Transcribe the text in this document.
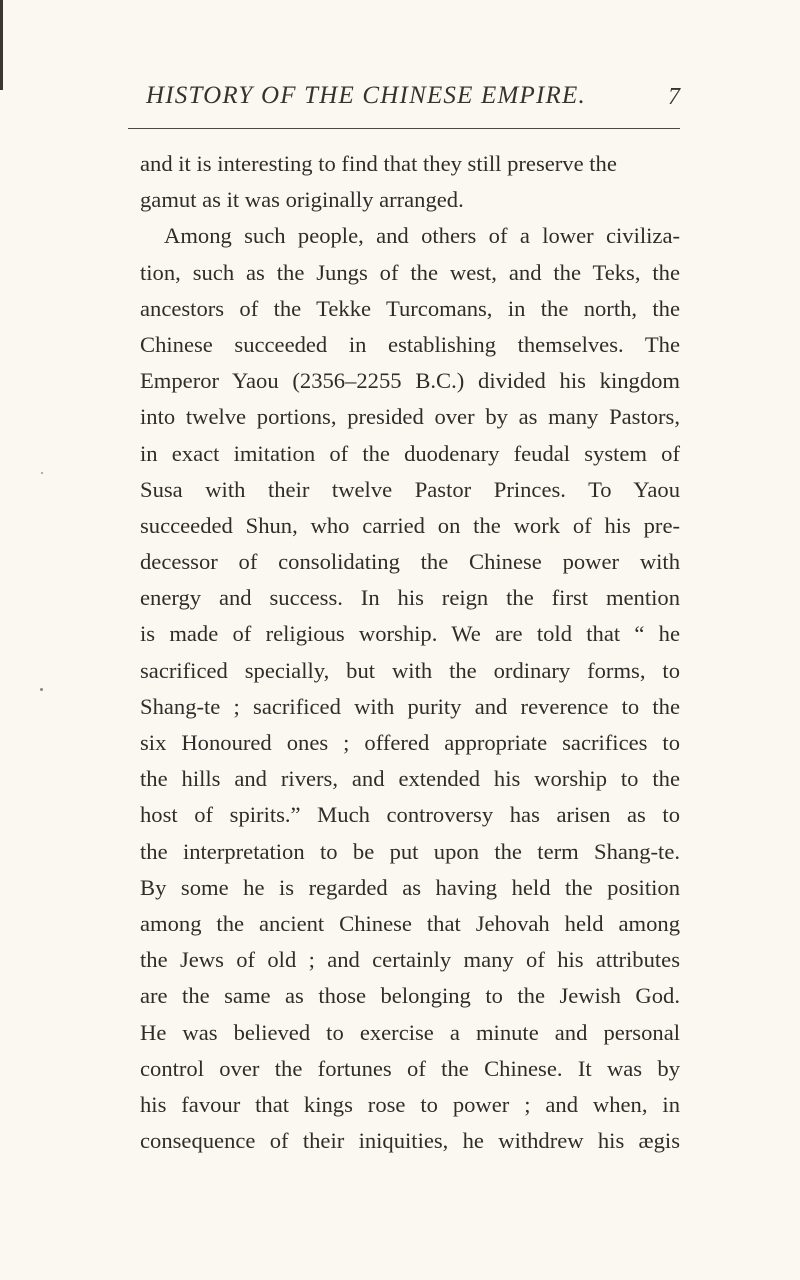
HISTORY OF THE CHINESE EMPIRE.	7
and it is interesting to find that they still preserve the
gamut as it was originally arranged.
Among such people, and others of a lower civiliza-
tion, such as the Jungs of the west, and the Teks, the
ancestors of the Tekke Turcomans, in the north, the
Chinese succeeded in establishing themselves. The
Emperor Yaou (2356–2255 B.C.) divided his kingdom
into twelve portions, presided over by as many Pastors,
in exact imitation of the duodenary feudal system of
Susa with their twelve Pastor Princes. To Yaou
succeeded Shun, who carried on the work of his pre-
decessor of consolidating the Chinese power with
energy and success. In his reign the first mention
is made of religious worship. We are told that “ he
sacrificed specially, but with the ordinary forms, to
Shang-te ; sacrificed with purity and reverence to the
six Honoured ones ; offered appropriate sacrifices to
the hills and rivers, and extended his worship to the
host of spirits.” Much controversy has arisen as to
the interpretation to be put upon the term Shang-te.
By some he is regarded as having held the position
among the ancient Chinese that Jehovah held among
the Jews of old ; and certainly many of his attributes
are the same as those belonging to the Jewish God.
He was believed to exercise a minute and personal
control over the fortunes of the Chinese. It was by
his favour that kings rose to power ; and when, in
consequence of their iniquities, he withdrew his ægis
